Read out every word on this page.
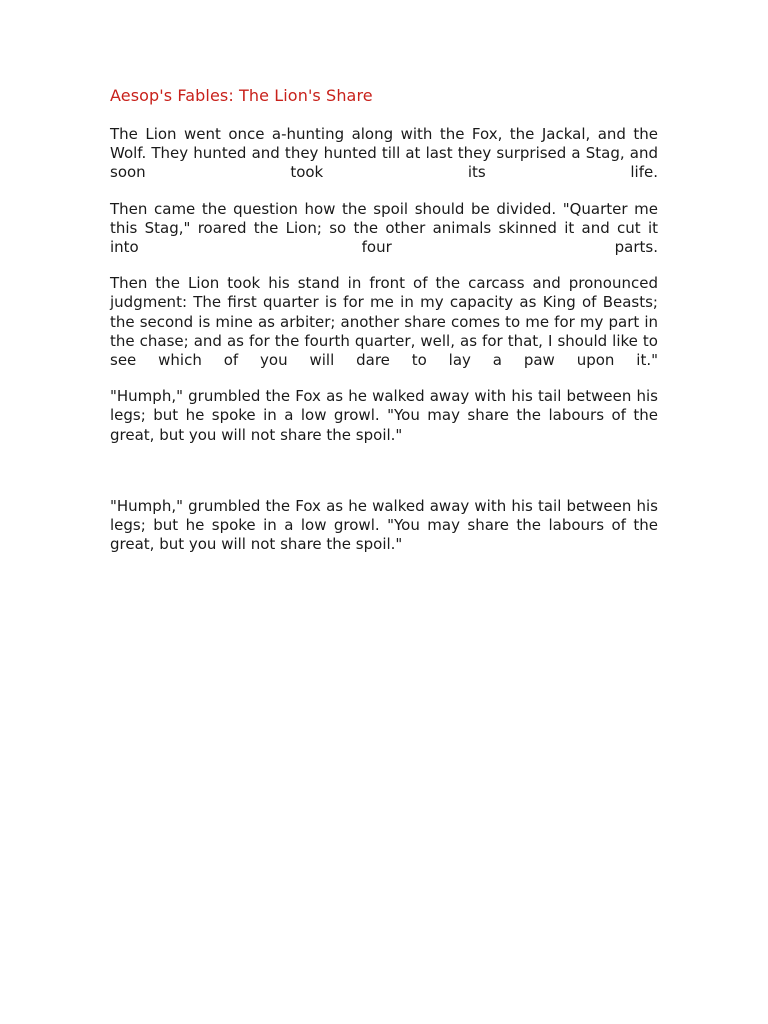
Aesop's Fables: The Lion's Share

The Lion went once a-hunting along with the Fox, the Jackal, and the Wolf. They hunted and they hunted till at last they surprised a Stag, and soon took its life.

Then came the question how the spoil should be divided. "Quarter me this Stag," roared the Lion; so the other animals skinned it and cut it into four parts.

Then the Lion took his stand in front of the carcass and pronounced judgment: The first quarter is for me in my capacity as King of Beasts; the second is mine as arbiter; another share comes to me for my part in the chase; and as for the fourth quarter, well, as for that, I should like to see which of you will dare to lay a paw upon it."

"Humph," grumbled the Fox as he walked away with his tail between his legs; but he spoke in a low growl. "You may share the labours of the great, but you will not share the spoil."

"Humph," grumbled the Fox as he walked away with his tail between his legs; but he spoke in a low growl. "You may share the labours of the great, but you will not share the spoil."
